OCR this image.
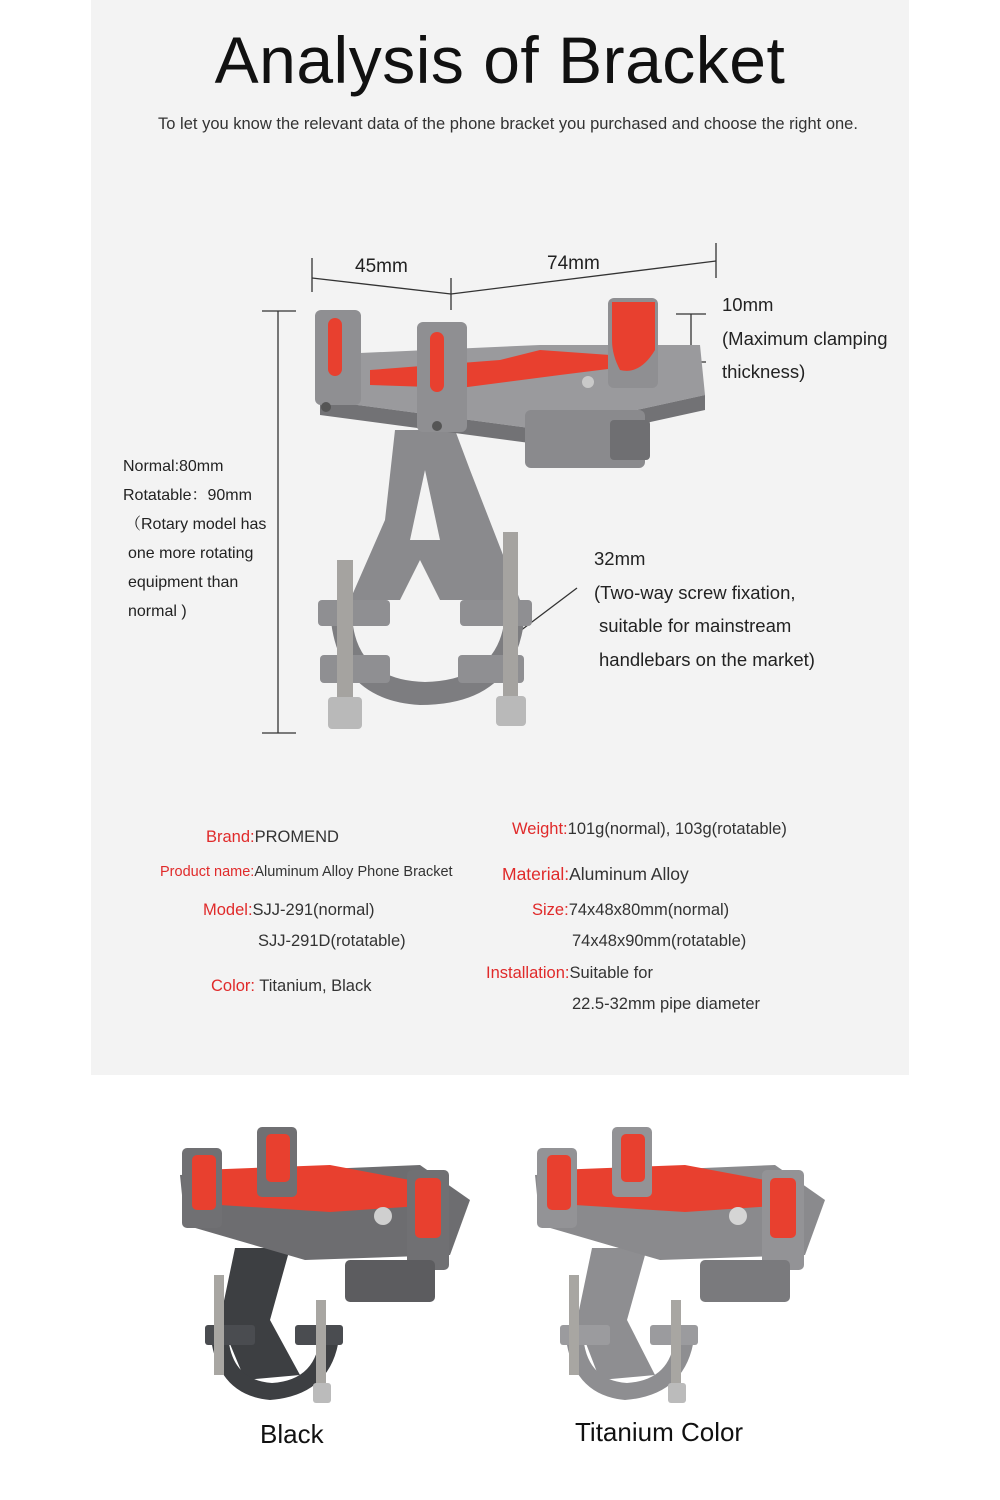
Analysis of Bracket
To let you know the relevant data of the phone bracket you purchased and choose the right one.
45mm	74mm
10mm
(Maximum clamping
thickness)
Normal:80mm
Rotatable：90mm
（Rotary model has
one more rotating
equipment than
normal )
32mm
(Two-way screw fixation,
suitable for mainstream
handlebars on the market)
Brand:PROMEND
Product name:Aluminum Alloy Phone Bracket
Model:SJJ-291(normal)
SJJ-291D(rotatable)
Color: Titanium, Black
Weight:101g(normal), 103g(rotatable)
Material:Aluminum Alloy
Size:74x48x80mm(normal)
74x48x90mm(rotatable)
Installation:Suitable for
22.5-32mm pipe diameter
Black	Titanium Color
